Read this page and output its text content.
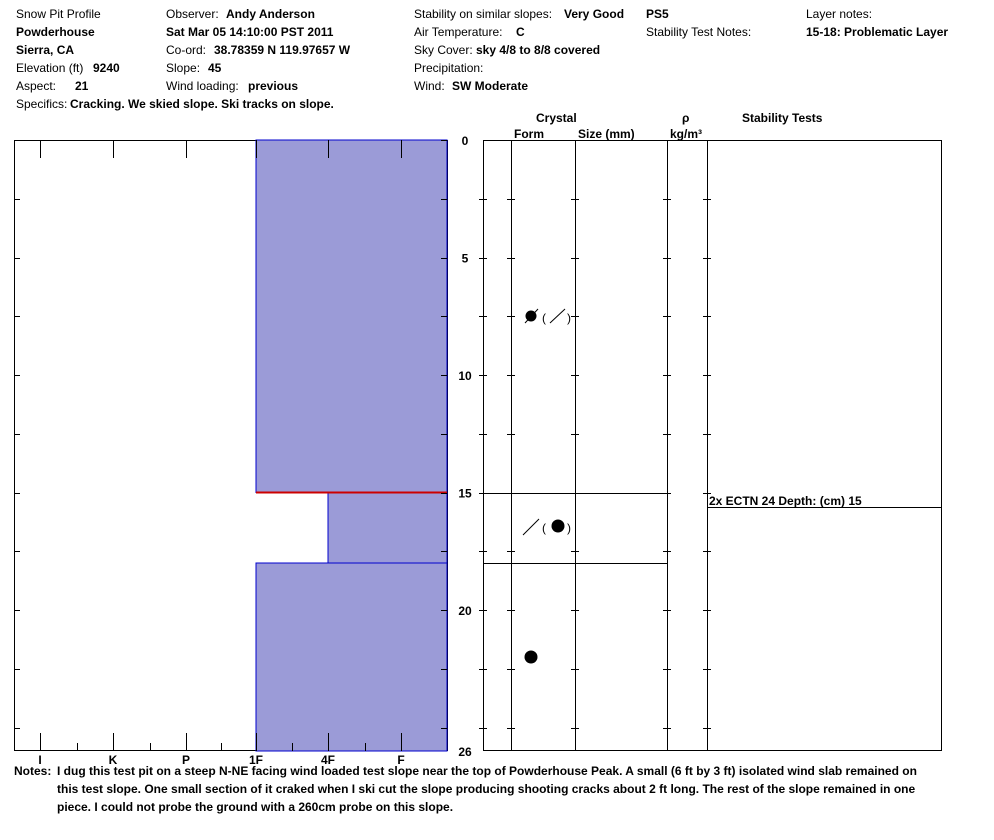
Snow Pit Profile
Powderhouse
Sierra, CA
Elevation (ft) 9240
Aspect: 21
Specifics: Cracking. We skied slope. Ski tracks on slope.
Observer: Andy Anderson
Sat Mar 05 14:10:00 PST 2011
Co-ord: 38.78359 N 119.97657 W
Slope: 45
Wind loading: previous
Stability on similar slopes: Very Good PS5
Air Temperature: C	Stability Test Notes:
Sky Cover: sky 4/8 to 8/8 covered
Precipitation:
Wind: SW Moderate
Layer notes:
15-18: Problematic Layer
Crystal
Form	Size (mm)
ρ
kg/m³
Stability Tests
I	K	P	1F	4F	F
0
5
10
15
20
26
2x ECTN 24 Depth: (cm) 15
( )
( )
Notes: I dug this test pit on a steep N-NE facing wind loaded test slope near the top of Powderhouse Peak. A small (6 ft by 3 ft) isolated wind slab remained on
this test slope. One small section of it craked when I ski cut the slope producing shooting cracks about 2 ft long. The rest of the slope remained in one
piece. I could not probe the ground with a 260cm probe on this slope.
